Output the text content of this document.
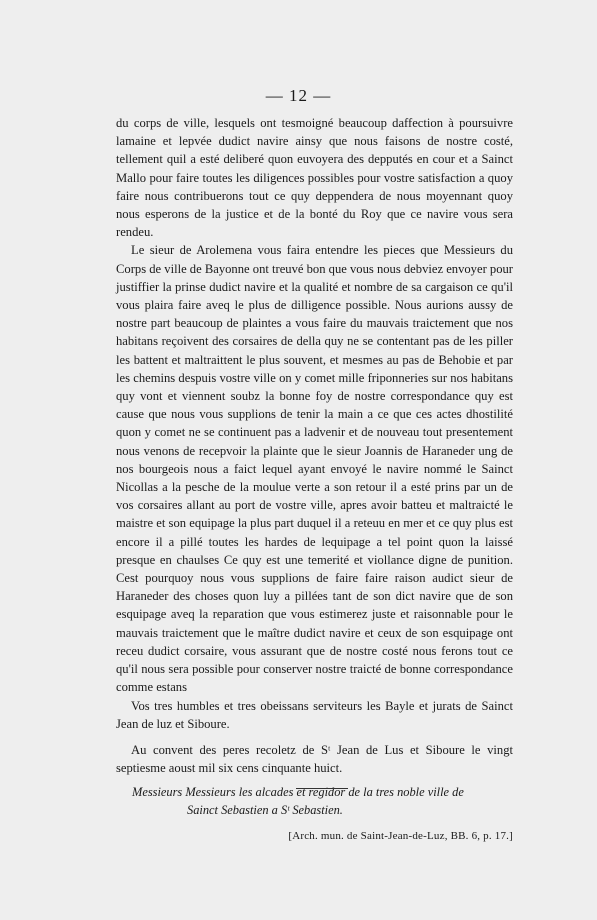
— 12 —

du corps de ville, lesquels ont tesmoigné beaucoup daffection à poursuivre lamaine et lepvée dudict navire ainsy que nous faisons de nostre costé, tellement quil a esté deliberé quon euvoyera des depputés en cour et a Sainct Mallo pour faire toutes les diligences possibles pour vostre satisfaction a quoy faire nous contribuerons tout ce quy deppendera de nous moyennant quoy nous esperons de la justice et de la bonté du Roy que ce navire vous sera rendeu.

Le sieur de Arolemena vous faira entendre les pieces que Messieurs du Corps de ville de Bayonne ont treuvé bon que vous nous debviez envoyer pour justiffier la prinse dudict navire et la qualité et nombre de sa cargaison ce qu'il vous plaira faire aveq le plus de dilligence possible. Nous aurions aussy de nostre part beaucoup de plaintes a vous faire du mauvais traictement que nos habitans reçoivent des corsaires de della quy ne se contentant pas de les piller les battent et maltraittent le plus souvent, et mesmes au pas de Behobie et par les chemins despuis vostre ville on y comet mille friponneries sur nos habitans quy vont et viennent soubz la bonne foy de nostre correspondance quy est cause que nous vous supplions de tenir la main a ce que ces actes dhostilité quon y comet ne se continuent pas a ladvenir et de nouveau tout presentement nous venons de recepvoir la plainte que le sieur Joannis de Haraneder ung de nos bourgeois nous a faict lequel ayant envoyé le navire nommé le Sainct Nicollas a la pesche de la moulue verte a son retour il a esté prins par un de vos corsaires allant au port de vostre ville, apres avoir batteu et maltraicté le maistre et son equipage la plus part duquel il a reteuu en mer et ce quy plus est encore il a pillé toutes les hardes de lequipage a tel point quon la laissé presque en chaulses Ce quy est une temerité et viollance digne de punition. Cest pourquoy nous vous supplions de faire faire raison audict sieur de Haraneder des choses quon luy a pillées tant de son dict navire que de son esquipage aveq la reparation que vous estimerez juste et raisonnable pour le mauvais traictement que le maître dudict navire et ceux de son esquipage ont receu dudict corsaire, vous assurant que de nostre costé nous ferons tout ce qu'il nous sera possible pour conserver nostre traicté de bonne correspondance comme estans

Vos tres humbles et tres obeissans serviteurs les Bayle et jurats de Sainct Jean de luz et Siboure.

Au convent des peres recoletz de Sᵗ Jean de Lus et Siboure le vingt septiesme aoust mil six cens cinquante huict.

Messieurs Messieurs les alcades et regidor de la tres noble ville de
Sainct Sebastien a Sᵗ Sebastien.
[Arch. mun. de Saint-Jean-de-Luz, BB. 6, p. 17.]
